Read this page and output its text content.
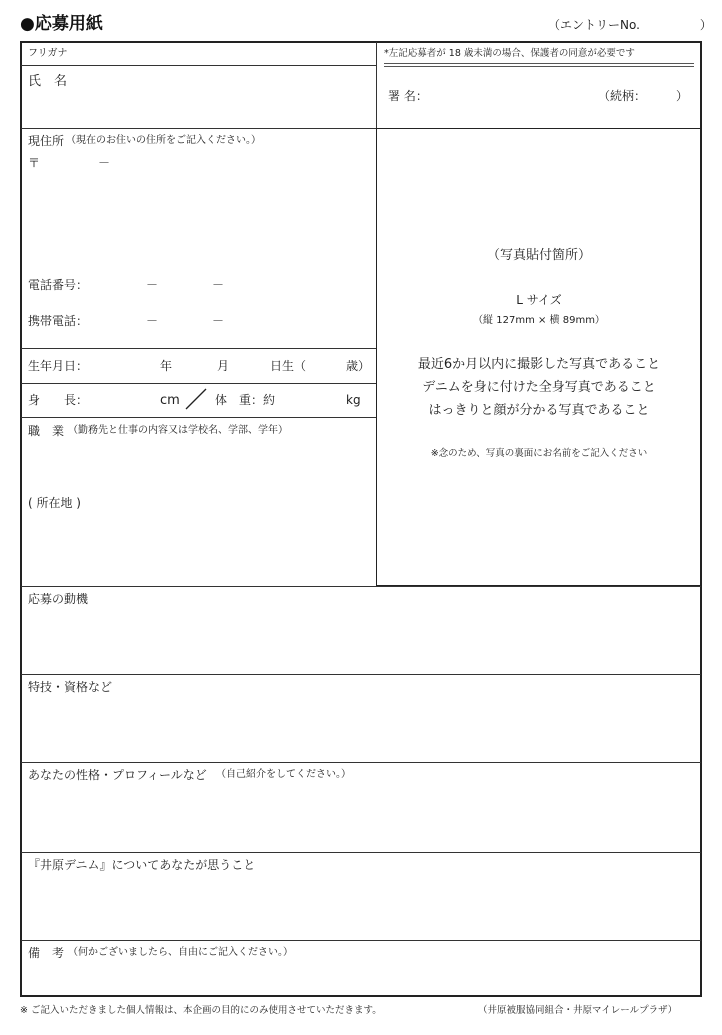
●応募用紙	（エントリーNo.　　　　　）
フリガナ
氏　名
*左記応募者が 18 歳未満の場合、保護者の同意が必要です
署 名：	（続柄：　　　）
（写真貼付箇所）
L サイズ
（縦 127mm × 横 89mm）
最近6か月以内に撮影した写真であること
デニムを身に付けた全身写真であること
はっきりと顔が分かる写真であること
※念のため、写真の裏面にお名前をご記入ください
現住所 （現在のお住いの住所をご記入ください。）
〒	－
電話番号：	－	－
携帯電話：	－	－
生年月日：	年	月	日生（	歳）
身　　長：	cm	体　重：約	kg
職　業 （勤務先と仕事の内容又は学校名、学部、学年）
( 所在地 )
応募の動機
特技・資格など
あなたの性格・プロフィールなど （自己紹介をしてください。）
『井原デニム』についてあなたが思うこと
備　考 （何かございましたら、自由にご記入ください。）
※ ご記入いただきました個人情報は、本企画の目的にのみ使用させていただきます。	（井原被服協同組合・井原マイレールプラザ）
